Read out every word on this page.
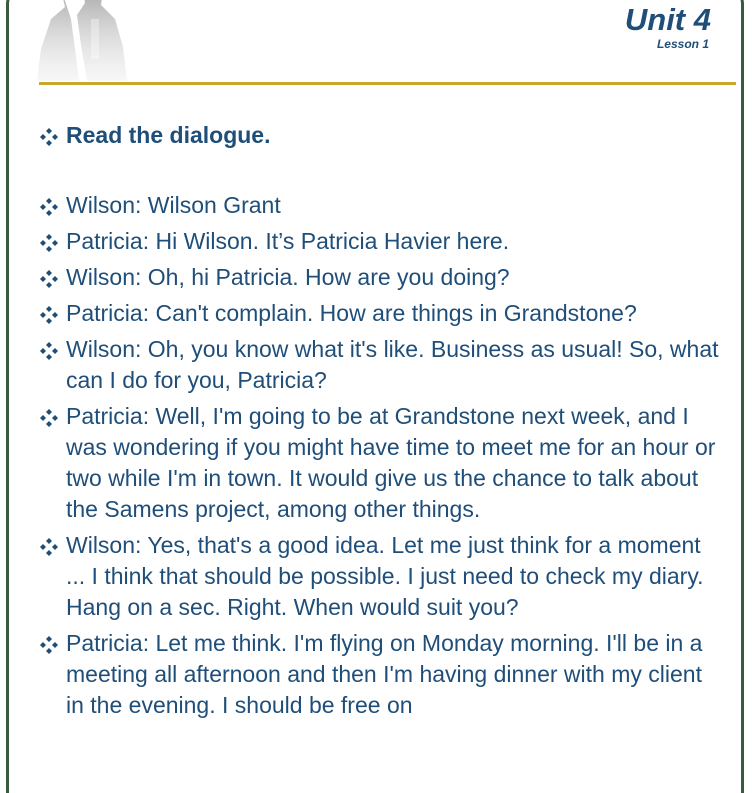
Unit 4
Lesson 1
Read the dialogue.
Wilson: Wilson Grant
Patricia: Hi Wilson. It’s Patricia Havier here.
Wilson: Oh, hi Patricia. How are you doing?
Patricia: Can't complain. How are things in Grandstone?
Wilson: Oh, you know what it's like. Business as usual! So, what can I do for you, Patricia?
Patricia: Well, I'm going to be at Grandstone next week, and I was wondering if you might have time to meet me for an hour or two while I'm in town. It would give us the chance to talk about the Samens project, among other things.
Wilson: Yes, that's a good idea. Let me just think for a moment ... I think that should be possible. I just need to check my diary. Hang on a sec. Right. When would suit you?
Patricia: Let me think. I'm flying on Monday morning. I'll be in a meeting all afternoon and then I'm having dinner with my client in the evening. I should be free on
